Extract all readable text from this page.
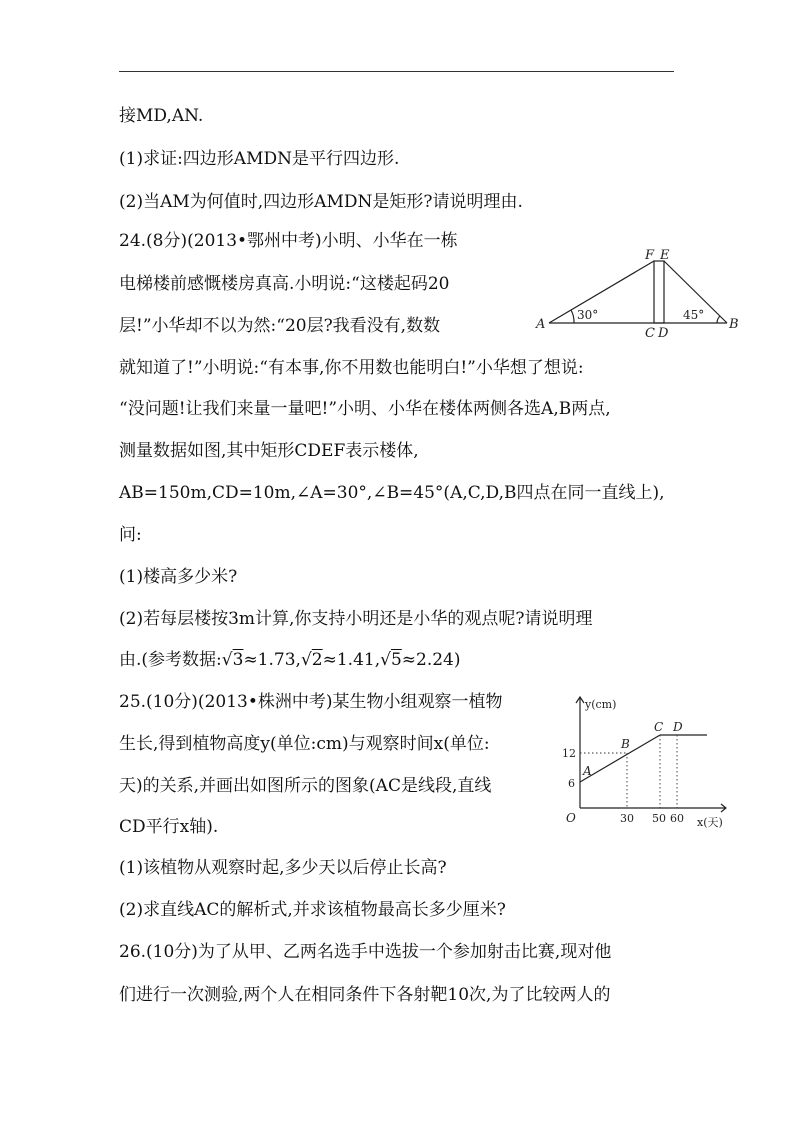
接MD,AN.
(1)求证:四边形AMDN是平行四边形.
(2)当AM为何值时,四边形AMDN是矩形?请说明理由.
24.(8分)(2013•鄂州中考)小明、小华在一栋
电梯楼前感慨楼房真高.小明说:“这楼起码20
层!”小华却不以为然:“20层?我看没有,数数
就知道了!”小明说:“有本事,你不用数也能明白!”小华想了想说:
“没问题!让我们来量一量吧!”小明、小华在楼体两侧各选A,B两点,
测量数据如图,其中矩形CDEF表示楼体,
AB=150m,CD=10m,∠A=30°,∠B=45°(A,C,D,B四点在同一直线上),
问:
(1)楼高多少米?
(2)若每层楼按3m计算,你支持小明还是小华的观点呢?请说明理
由.(参考数据:√3≈1.73,√2≈1.41,√5≈2.24)
25.(10分)(2013•株洲中考)某生物小组观察一植物
生长,得到植物高度y(单位:cm)与观察时间x(单位:
天)的关系,并画出如图所示的图象(AC是线段,直线
CD平行x轴).
(1)该植物从观察时起,多少天以后停止长高?
(2)求直线AC的解析式,并求该植物最高长多少厘米?
26.(10分)为了从甲、乙两名选手中选拔一个参加射击比赛,现对他
们进行一次测验,两个人在相同条件下各射靶10次,为了比较两人的
A	B
C D
F E
30°	45°
y(cm)
x(天)
O
12
6
30 50 60
A
B
C D
